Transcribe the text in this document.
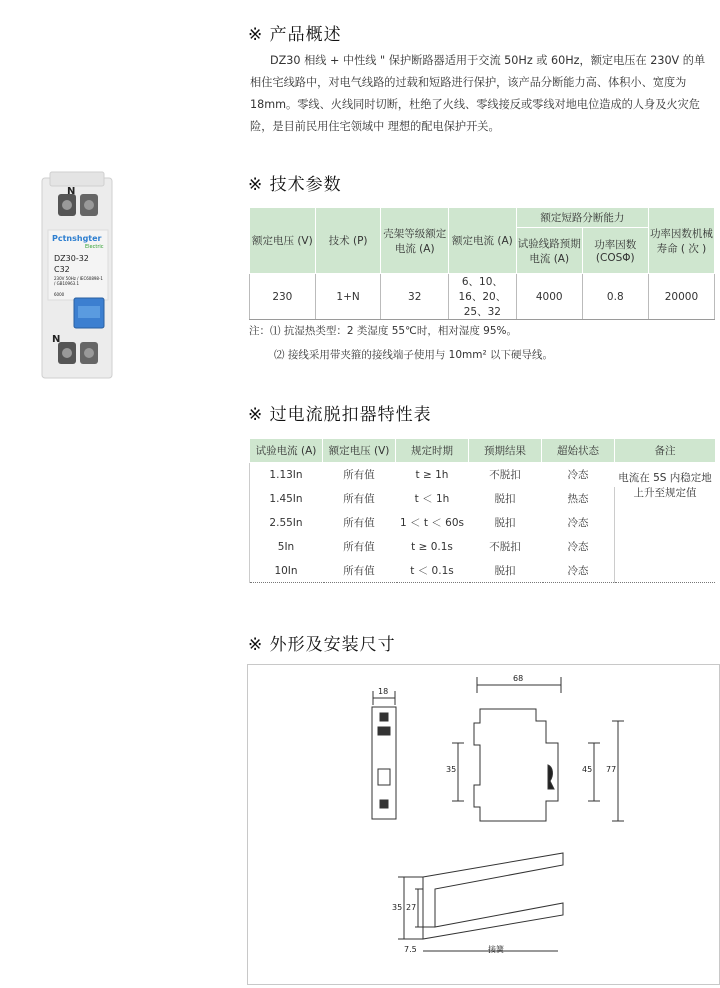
※ 产品概述
DZ30 相线 + 中性线 " 保护断路器适用于交流 50Hz 或 60Hz，额定电压在 230V 的单相住宅线路中，对电气线路的过载和短路进行保护，该产品分断能力高、体积小、宽度为 18mm。零线、火线同时切断，杜绝了火线、零线接反或零线对地电位造成的人身及火灾危险，是目前民用住宅领域中 理想的配电保护开关。
N
Pctnshgter
Electric
DZ30-32
C32
230V 50Hz / IEC60898-1 / GB10963.1
6000
N
※ 技术参数
额定电压 (V)	技术 (P)	壳架等级额定电流 (A)	额定电流 (A)	额定短路分断能力		功率因数机械寿命 ( 次 )
				试验线路预期电流 (A)	功率因数 (COSΦ)	
230	1+N	32	6、10、16、20、25、32	4000	0.8	20000
注：⑴ 抗湿热类型：2 类湿度 55℃时，相对湿度 95%。
⑵ 接线采用带夹箍的接线端子使用与 10mm² 以下硬导线。
※ 过电流脱扣器特性表
试验电流 (A)	额定电压 (V)	规定时期	预期结果	超始状态	备注
1.13In	所有值	t ≥ 1h	不脱扣	冷态	电流在 5S 内稳定地上升至规定值
1.45In	所有值	t ＜ 1h	脱扣	热态	
2.55In	所有值	1 ＜ t ＜ 60s	脱扣	冷态	
5In	所有值	t ≥ 0.1s	不脱扣	冷态	
10In	所有值	t ＜ 0.1s	脱扣	冷态	
※ 外形及安装尺寸
18
68
35	45 77
27
35
7.5	接簧
